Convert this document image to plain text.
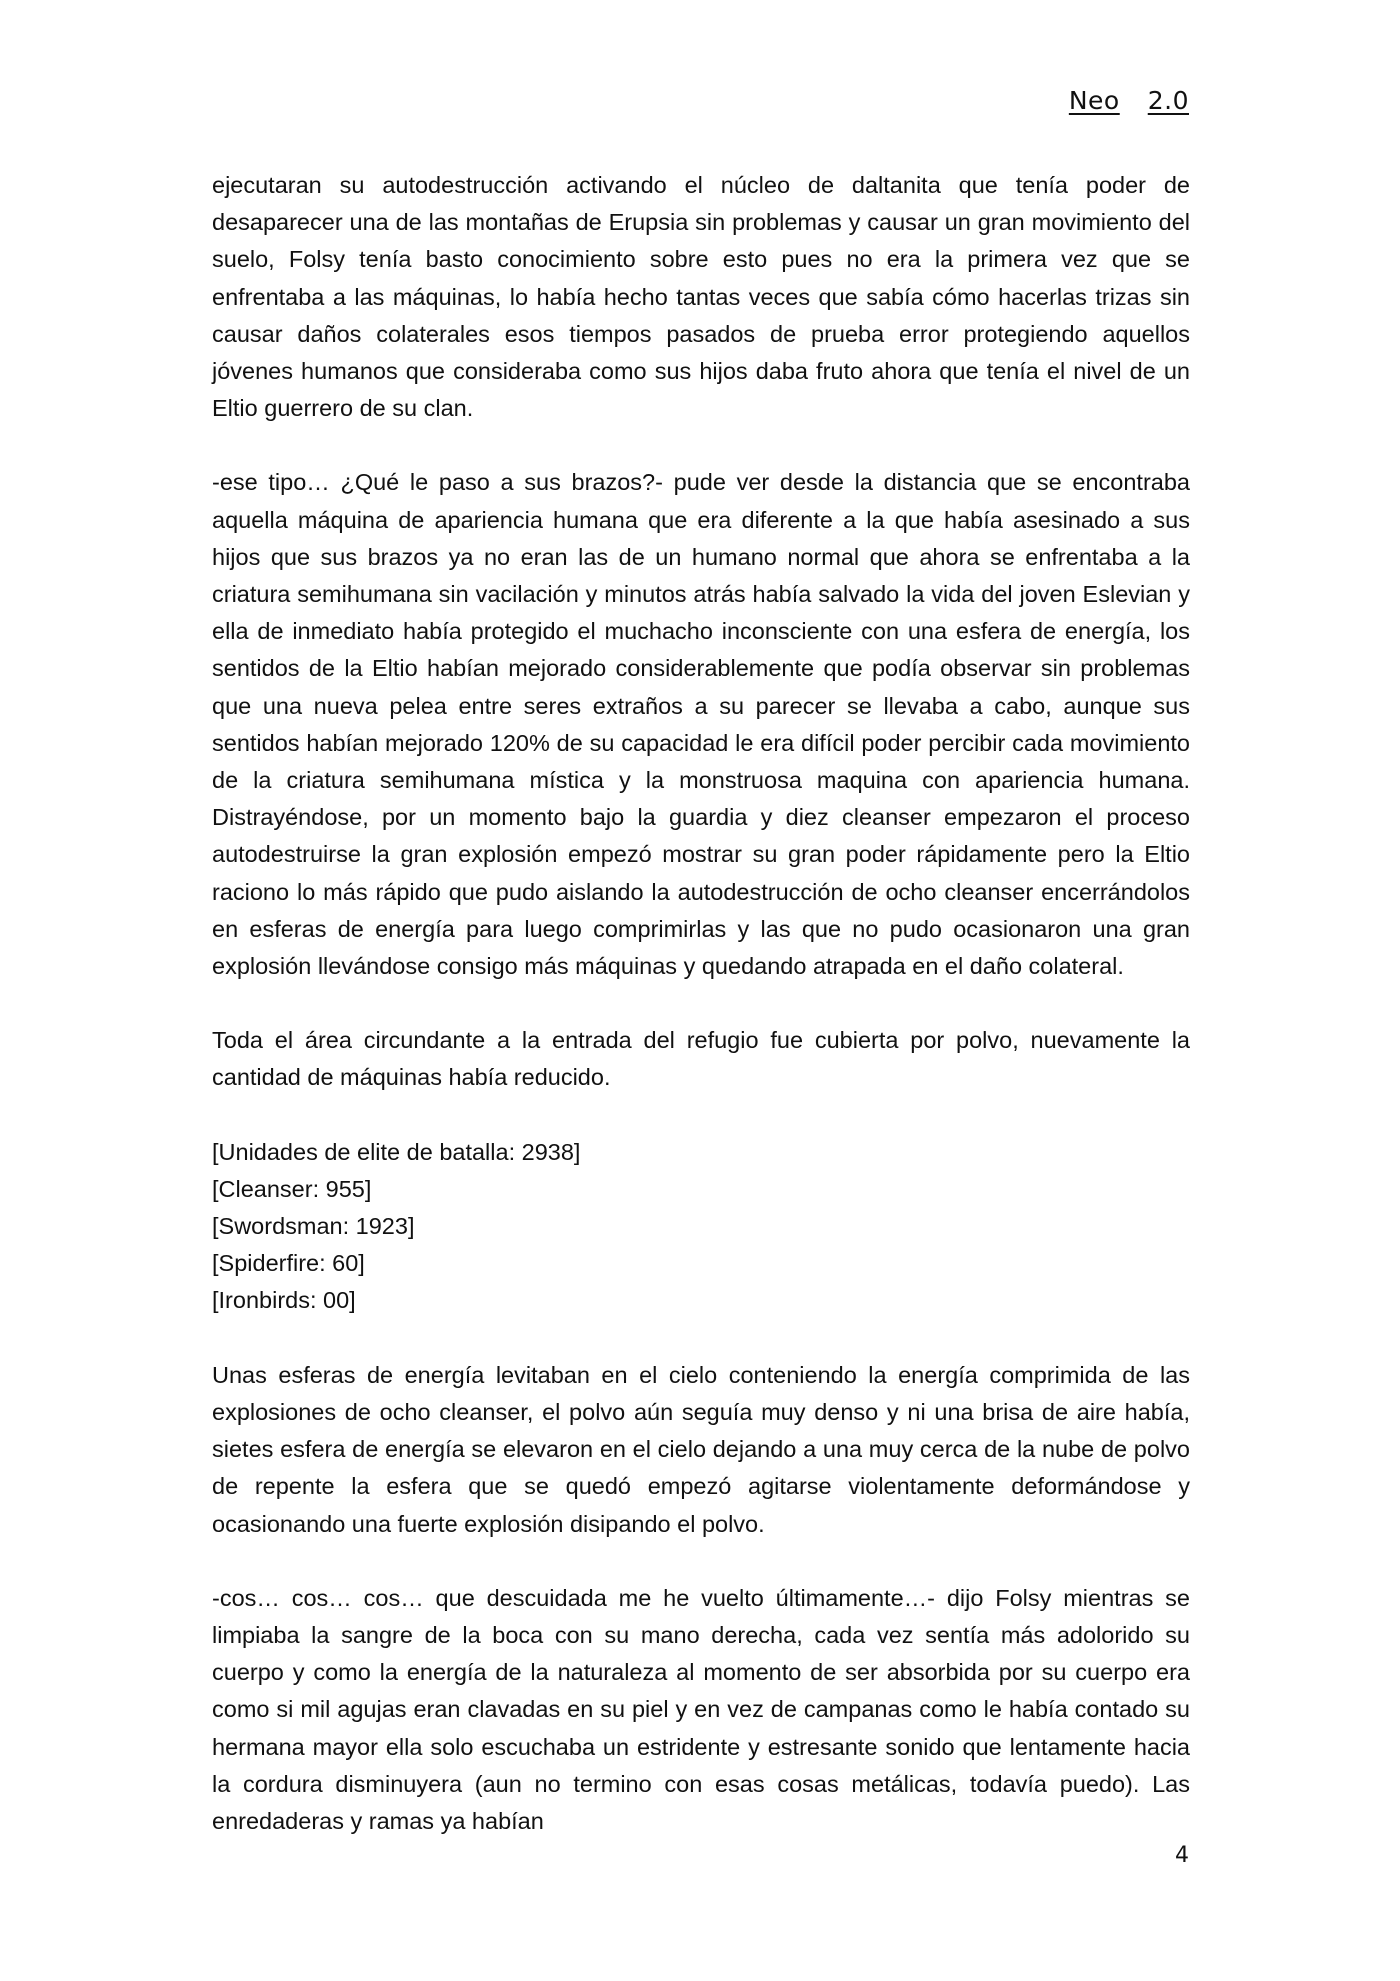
Neo 2.0

ejecutaran su autodestrucción activando el núcleo de daltanita que tenía poder de desaparecer una de las montañas de Erupsia sin problemas y causar un gran movimiento del suelo, Folsy tenía basto conocimiento sobre esto pues no era la primera vez que se enfrentaba a las máquinas, lo había hecho tantas veces que sabía cómo hacerlas trizas sin causar daños colaterales esos tiempos pasados de prueba error protegiendo aquellos jóvenes humanos que consideraba como sus hijos daba fruto ahora que tenía el nivel de un Eltio guerrero de su clan.

-ese tipo… ¿Qué le paso a sus brazos?- pude ver desde la distancia que se encontraba aquella máquina de apariencia humana que era diferente a la que había asesinado a sus hijos que sus brazos ya no eran las de un humano normal que ahora se enfrentaba a la criatura semihumana sin vacilación y minutos atrás había salvado la vida del joven Eslevian y ella de inmediato había protegido el muchacho inconsciente con una esfera de energía, los sentidos de la Eltio habían mejorado considerablemente que podía observar sin problemas que una nueva pelea entre seres extraños a su parecer se llevaba a cabo, aunque sus sentidos habían mejorado 120% de su capacidad le era difícil poder percibir cada movimiento de la criatura semihumana mística y la monstruosa maquina con apariencia humana. Distrayéndose, por un momento bajo la guardia y diez cleanser empezaron el proceso autodestruirse la gran explosión empezó mostrar su gran poder rápidamente pero la Eltio raciono lo más rápido que pudo aislando la autodestrucción de ocho cleanser encerrándolos en esferas de energía para luego comprimirlas y las que no pudo ocasionaron una gran explosión llevándose consigo más máquinas y quedando atrapada en el daño colateral.

Toda el área circundante a la entrada del refugio fue cubierta por polvo, nuevamente la cantidad de máquinas había reducido.

[Unidades de elite de batalla: 2938]
[Cleanser: 955]
[Swordsman: 1923]
[Spiderfire: 60]
[Ironbirds: 00]

Unas esferas de energía levitaban en el cielo conteniendo la energía comprimida de las explosiones de ocho cleanser, el polvo aún seguía muy denso y ni una brisa de aire había, sietes esfera de energía se elevaron en el cielo dejando a una muy cerca de la nube de polvo de repente la esfera que se quedó empezó agitarse violentamente deformándose y ocasionando una fuerte explosión disipando el polvo.

-cos… cos… cos… que descuidada me he vuelto últimamente…- dijo Folsy mientras se limpiaba la sangre de la boca con su mano derecha, cada vez sentía más adolorido su cuerpo y como la energía de la naturaleza al momento de ser absorbida por su cuerpo era como si mil agujas eran clavadas en su piel y en vez de campanas como le había contado su hermana mayor ella solo escuchaba un estridente y estresante sonido que lentamente hacia la cordura disminuyera (aun no termino con esas cosas metálicas, todavía puedo). Las enredaderas y ramas ya habían

4
